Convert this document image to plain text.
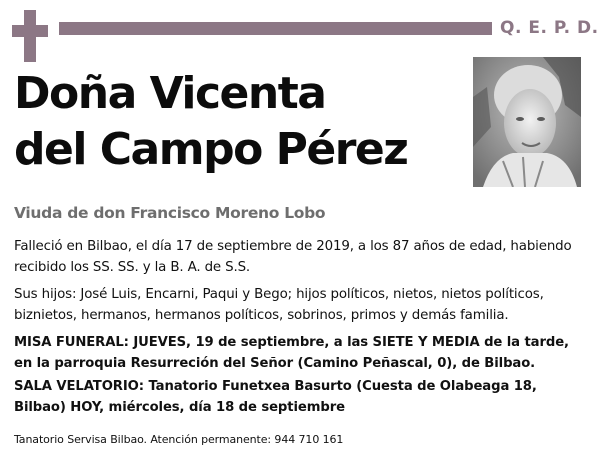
Q. E. P. D.
Doña Vicenta
del Campo Pérez
Viuda de don Francisco Moreno Lobo
Falleció en Bilbao, el día 17 de septiembre de 2019, a los 87 años de edad, habiendo recibido los SS. SS. y la B. A. de S.S.
Sus hijos: José Luis, Encarni, Paqui y Bego; hijos políticos, nietos, nietos políticos, biznietos, hermanos, hermanos políticos, sobrinos, primos y demás familia.
MISA FUNERAL: JUEVES, 19 de septiembre, a las SIETE Y MEDIA de la tarde, en la parroquia Resurreción del Señor (Camino Peñascal, 0), de Bilbao.
SALA VELATORIO: Tanatorio Funetxea Basurto (Cuesta de Olabeaga 18, Bilbao) HOY, miércoles, día 18 de septiembre
Tanatorio Servisa Bilbao. Atención permanente: 944 710 161
